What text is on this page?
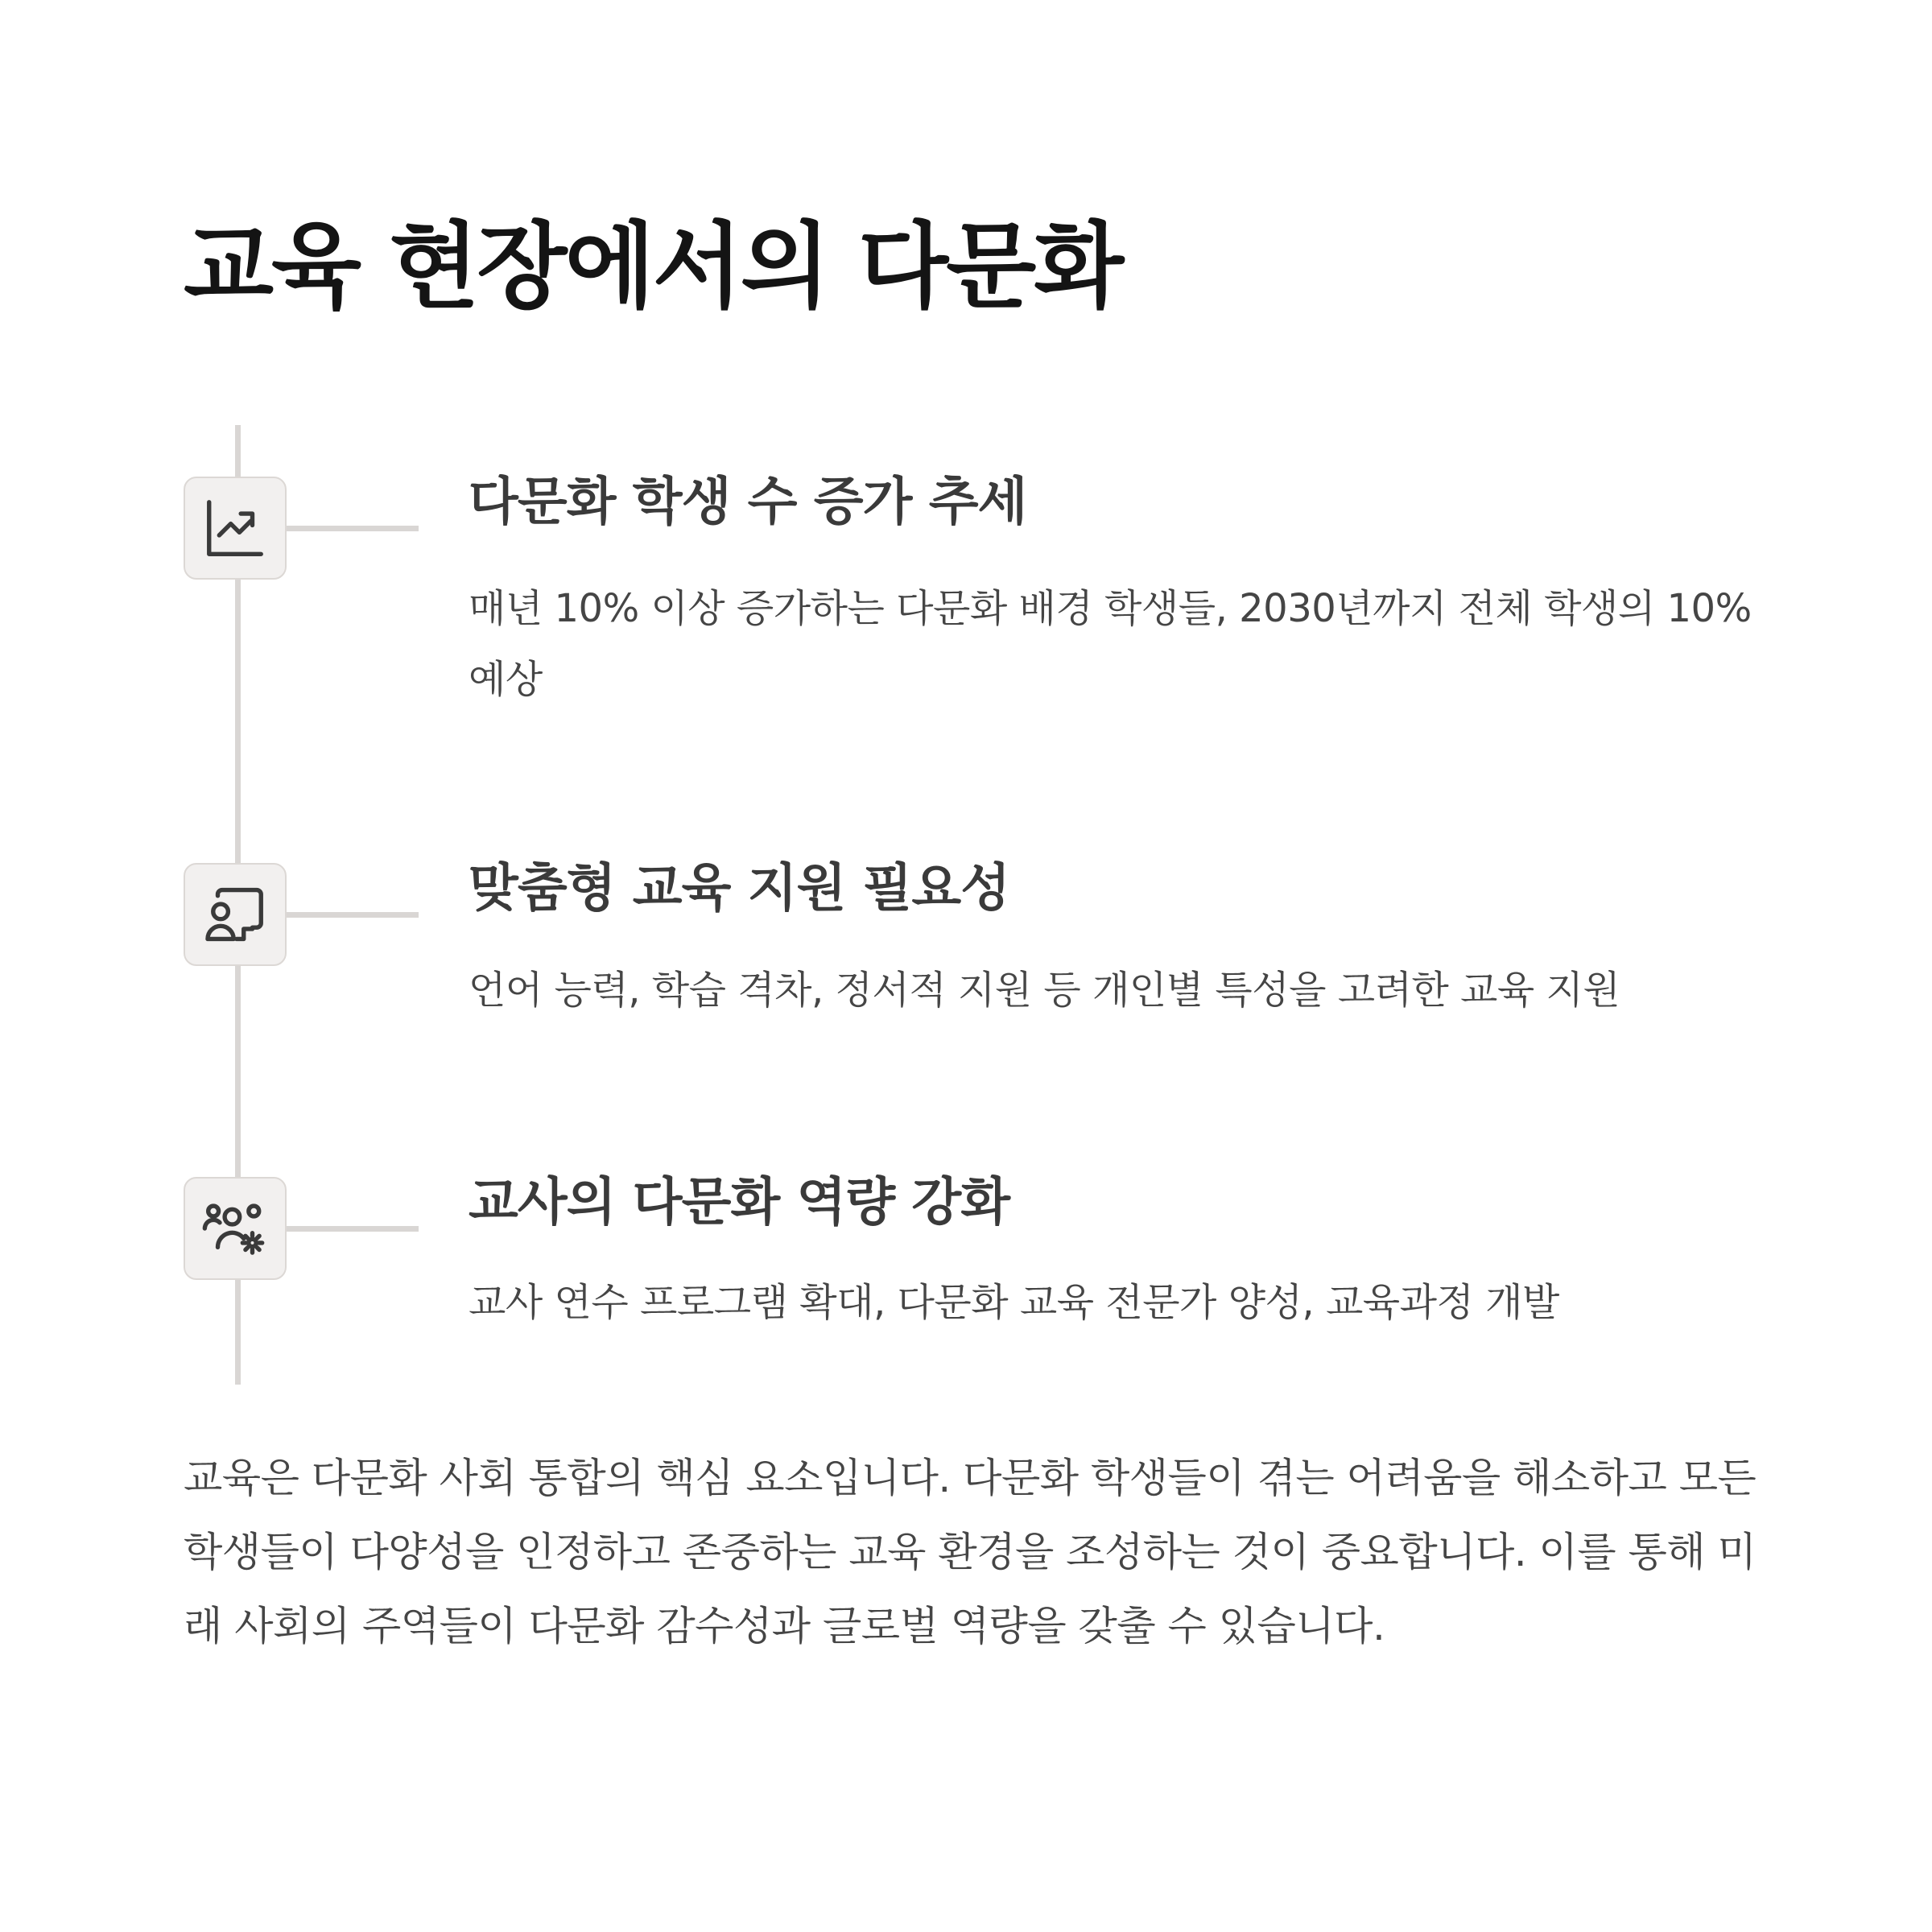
교육 현장에서의 다문화
다문화 학생 수 증가 추세

매년 10% 이상 증가하는 다문화 배경 학생들, 2030년까지 전체 학생의 10% 예상

맞춤형 교육 지원 필요성

언어 능력, 학습 격차, 정서적 지원 등 개인별 특성을 고려한 교육 지원

교사의 다문화 역량 강화

교사 연수 프로그램 확대, 다문화 교육 전문가 양성, 교육과정 개발

교육은 다문화 사회 통합의 핵심 요소입니다. 다문화 학생들이 겪는 어려움을 해소하고 모든 학생들이 다양성을 인정하고 존중하는 교육 환경을 조성하는 것이 중요합니다. 이를 통해 미래 사회의 주역들이 다문화 감수성과 글로벌 역량을 갖출 수 있습니다.
